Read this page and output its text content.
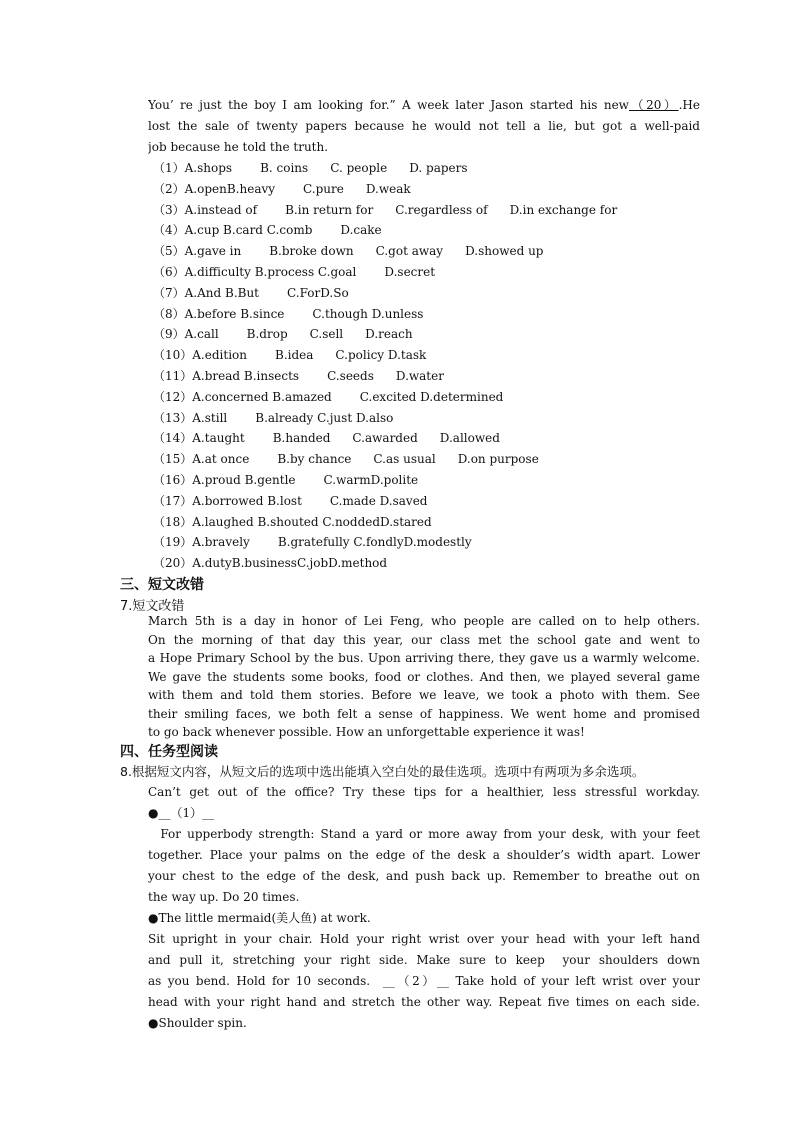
You’ re just the boy I am looking for.” A week later Jason started his new（20）.He
lost the sale of twenty papers because he would not tell a lie, but got a well-paid
job because he told the truth.
（1）A.shops B. coins C. people D. papers
（2）A.openB.heavy C.pure D.weak
（3）A.instead of B.in return for C.regardless of D.in exchange for
（4）A.cup B.card C.comb D.cake
（5）A.gave in B.broke down C.got away D.showed up
（6）A.difficulty B.process C.goal D.secret
（7）A.And B.But C.ForD.So
（8）A.before B.since C.though D.unless
（9）A.call B.drop C.sell D.reach
（10）A.edition B.idea C.policy D.task
（11）A.bread B.insects C.seeds D.water
（12）A.concerned B.amazed C.excited D.determined
（13）A.still B.already C.just D.also
（14）A.taught B.handed C.awarded D.allowed
（15）A.at once B.by chance C.as usual D.on purpose
（16）A.proud B.gentle C.warmD.polite
（17）A.borrowed B.lost C.made D.saved
（18）A.laughed B.shouted C.noddedD.stared
（19）A.bravely B.gratefully C.fondlyD.modestly
（20）A.dutyB.businessC.jobD.method
三、短文改错
7.短文改错
March 5th is a day in honor of Lei Feng, who people are called on to help others.
On the morning of that day this year, our class met the school gate and went to
a Hope Primary School by the bus. Upon arriving there, they gave us a warmly welcome.
We gave the students some books, food or clothes. And then, we played several game
with them and told them stories. Before we leave, we took a photo with them. See
their smiling faces, we both felt a sense of happiness. We went home and promised
to go back whenever possible. How an unforgettable experience it was!
四、任务型阅读
8.根据短文内容，从短文后的选项中选出能填入空白处的最佳选项。选项中有两项为多余选项。
Can’t get out of the office? Try these tips for a healthier, less stressful workday.
●__（1）__
For upperbody strength: Stand a yard or more away from your desk, with your feet
together. Place your palms on the edge of the desk a shoulder’s width apart. Lower
your chest to the edge of the desk, and push back up. Remember to breathe out on
the way up. Do 20 times.
●The little mermaid(美人鱼) at work.
Sit upright in your chair. Hold your right wrist over your head with your left hand
and pull it, stretching your right side. Make sure to keep  your shoulders down
as you bend. Hold for 10 seconds.  __（2）__ Take hold of your left wrist over your
head with your right hand and stretch the other way. Repeat five times on each side.
●Shoulder spin.
